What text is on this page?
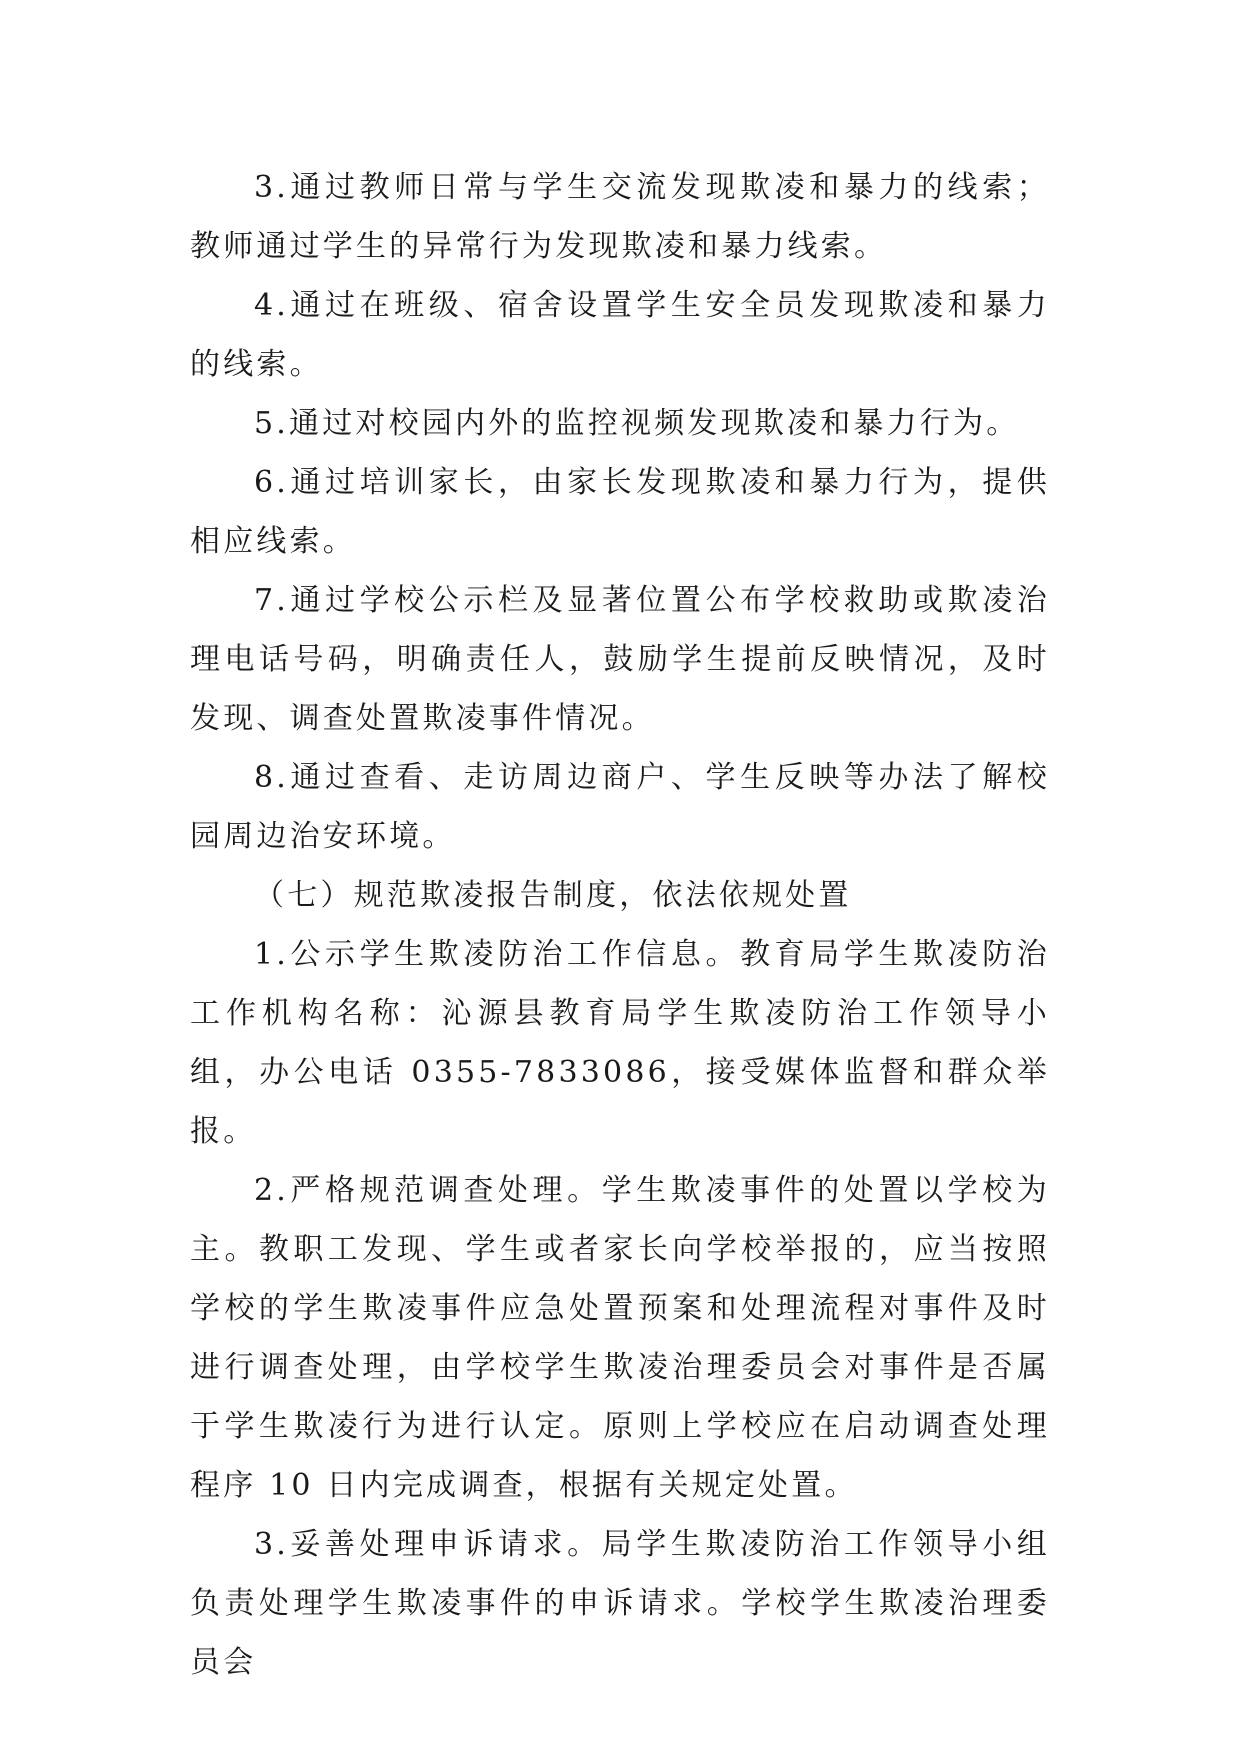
3.通过教师日常与学生交流发现欺凌和暴力的线索；教师通过学生的异常行为发现欺凌和暴力线索。

4.通过在班级、宿舍设置学生安全员发现欺凌和暴力的线索。

5.通过对校园内外的监控视频发现欺凌和暴力行为。

6.通过培训家长，由家长发现欺凌和暴力行为，提供相应线索。

7.通过学校公示栏及显著位置公布学校救助或欺凌治理电话号码，明确责任人，鼓励学生提前反映情况，及时发现、调查处置欺凌事件情况。

8.通过查看、走访周边商户、学生反映等办法了解校园周边治安环境。

（七）规范欺凌报告制度，依法依规处置

1.公示学生欺凌防治工作信息。教育局学生欺凌防治工作机构名称：沁源县教育局学生欺凌防治工作领导小组，办公电话 0355-7833086，接受媒体监督和群众举报。

2.严格规范调查处理。学生欺凌事件的处置以学校为主。教职工发现、学生或者家长向学校举报的，应当按照学校的学生欺凌事件应急处置预案和处理流程对事件及时进行调查处理，由学校学生欺凌治理委员会对事件是否属于学生欺凌行为进行认定。原则上学校应在启动调查处理程序 10 日内完成调查，根据有关规定处置。

3.妥善处理申诉请求。局学生欺凌防治工作领导小组负责处理学生欺凌事件的申诉请求。学校学生欺凌治理委员会
